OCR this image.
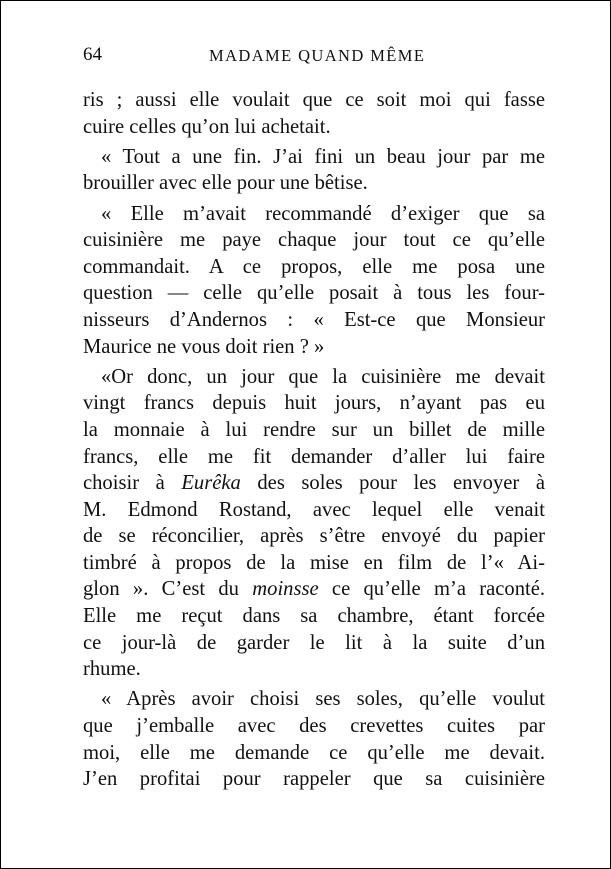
64	MADAME QUAND MÊME
ris ; aussi elle voulait que ce soit moi qui fasse
cuire celles qu’on lui achetait.
« Tout a une fin. J’ai fini un beau jour par me
brouiller avec elle pour une bêtise.
« Elle m’avait recommandé d’exiger que sa
cuisinière me paye chaque jour tout ce qu’elle
commandait. A ce propos, elle me posa une
question — celle qu’elle posait à tous les four-
nisseurs d’Andernos : « Est-ce que Monsieur
Maurice ne vous doit rien ? »
«Or donc, un jour que la cuisinière me devait
vingt francs depuis huit jours, n’ayant pas eu
la monnaie à lui rendre sur un billet de mille
francs, elle me fit demander d’aller lui faire
choisir à Eurêka des soles pour les envoyer à
M. Edmond Rostand, avec lequel elle venait
de se réconcilier, après s’être envoyé du papier
timbré à propos de la mise en film de l’« Ai-
glon ». C’est du moinsse ce qu’elle m’a raconté.
Elle me reçut dans sa chambre, étant forcée
ce jour-là de garder le lit à la suite d’un
rhume.
« Après avoir choisi ses soles, qu’elle voulut
que j’emballe avec des crevettes cuites par
moi, elle me demande ce qu’elle me devait.
J’en profitai pour rappeler que sa cuisinière
